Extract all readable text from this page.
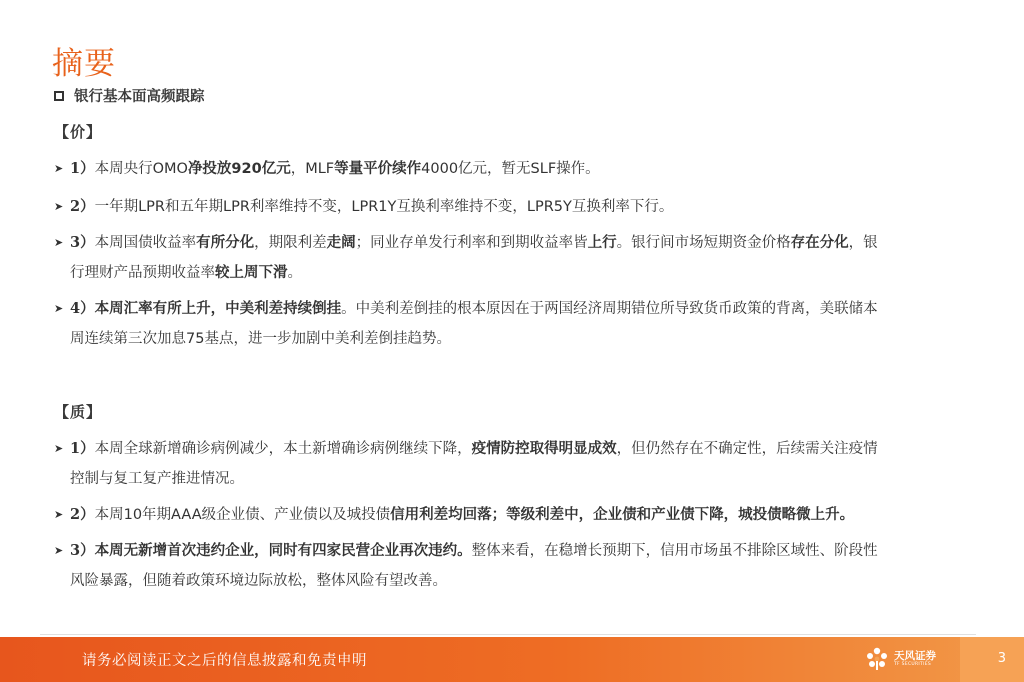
摘要
银行基本面高频跟踪
【价】
➤ 1）本周央行OMO净投放920亿元，MLF等量平价续作4000亿元，暂无SLF操作。
➤ 2）一年期LPR和五年期LPR利率维持不变，LPR1Y互换利率维持不变，LPR5Y互换利率下行。
➤ 3）本周国债收益率有所分化，期限利差走阔；同业存单发行利率和到期收益率皆上行。银行间市场短期资金价格存在分化，银
行理财产品预期收益率较上周下滑。
➤ 4）本周汇率有所上升，中美利差持续倒挂。中美利差倒挂的根本原因在于两国经济周期错位所导致货币政策的背离，美联储本
周连续第三次加息75基点，进一步加剧中美利差倒挂趋势。
【质】
➤ 1）本周全球新增确诊病例减少，本土新增确诊病例继续下降，疫情防控取得明显成效，但仍然存在不确定性，后续需关注疫情
控制与复工复产推进情况。
➤ 2）本周10年期AAA级企业债、产业债以及城投债信用利差均回落；等级利差中，企业债和产业债下降，城投债略微上升。
➤ 3）本周无新增首次违约企业，同时有四家民营企业再次违约。整体来看，在稳增长预期下，信用市场虽不排除区域性、阶段性
风险暴露，但随着政策环境边际放松，整体风险有望改善。
请务必阅读正文之后的信息披露和免责申明	天风证券
TF SECURITIES	3
